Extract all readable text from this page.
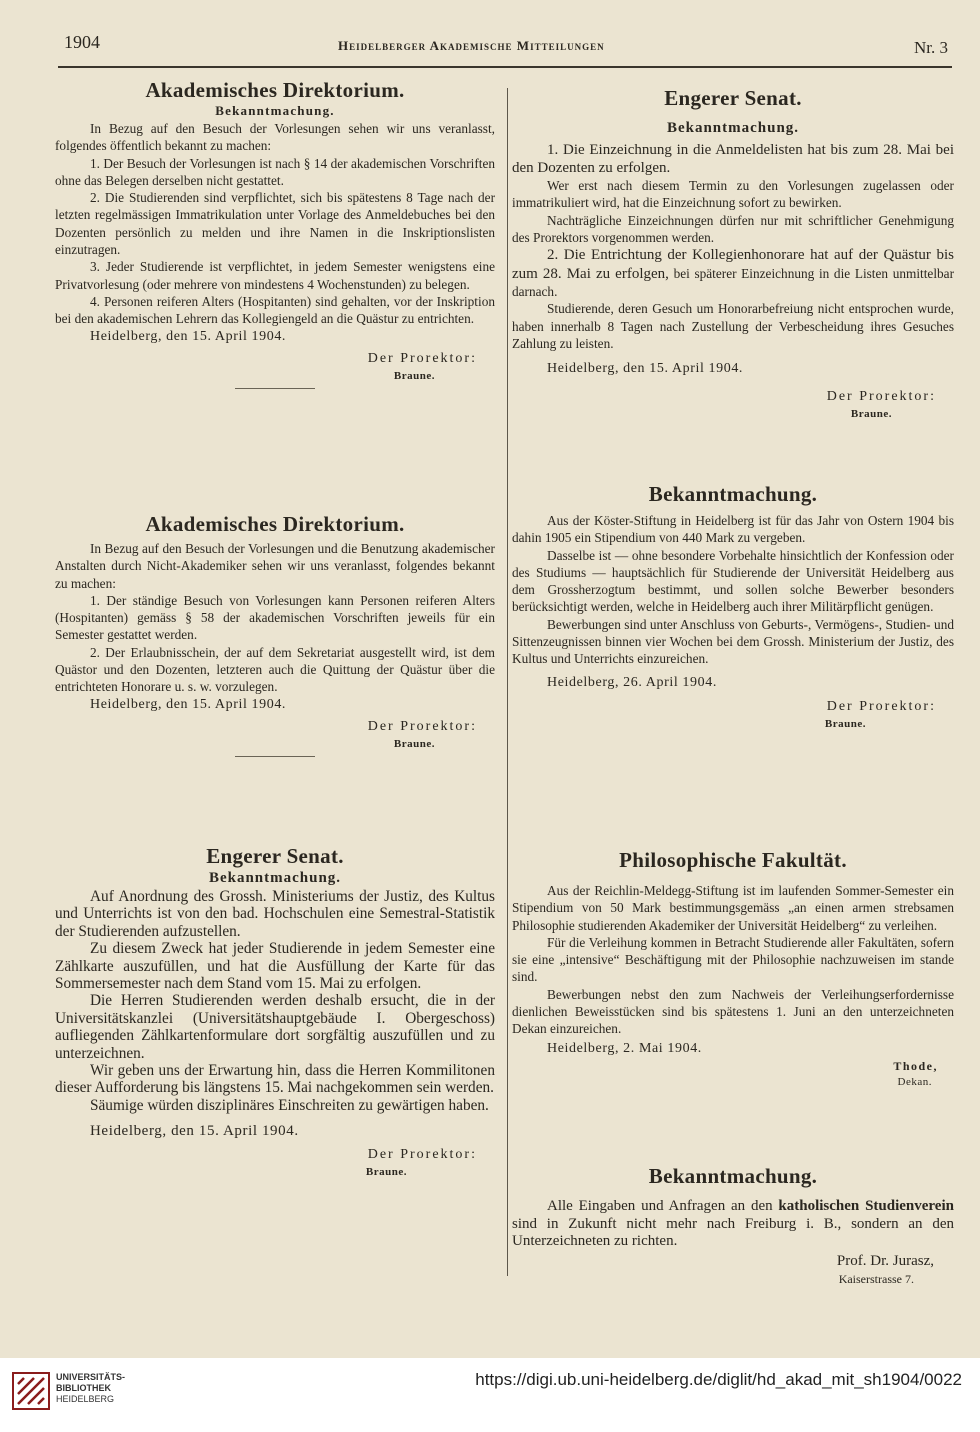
1904	Heidelberger Akademische Mitteilungen	Nr. 3
Akademisches Direktorium.
Bekanntmachung.

In Bezug auf den Besuch der Vorlesungen sehen wir uns veranlasst, folgendes öffentlich bekannt zu machen:

1. Der Besuch der Vorlesungen ist nach § 14 der akademischen Vorschriften ohne das Belegen derselben nicht gestattet.

2. Die Studierenden sind verpflichtet, sich bis spätestens 8 Tage nach der letzten regelmässigen Immatrikulation unter Vorlage des Anmeldebuches bei den Dozenten persönlich zu melden und ihre Namen in die Inskriptionslisten einzutragen.

3. Jeder Studierende ist verpflichtet, in jedem Semester wenigstens eine Privatvorlesung (oder mehrere von mindestens 4 Wochenstunden) zu belegen.

4. Personen reiferen Alters (Hospitanten) sind gehalten, vor der Inskription bei den akademischen Lehrern das Kollegiengeld an die Quästur zu entrichten.

Heidelberg, den 15. April 1904.

Der Prorektor:
Braune.
Akademisches Direktorium.

In Bezug auf den Besuch der Vorlesungen und die Benutzung akademischer Anstalten durch Nicht-Akademiker sehen wir uns veranlasst, folgendes bekannt zu machen:

1. Der ständige Besuch von Vorlesungen kann Personen reiferen Alters (Hospitanten) gemäss § 58 der akademischen Vorschriften jeweils für ein Semester gestattet werden.

2. Der Erlaubnisschein, der auf dem Sekretariat ausgestellt wird, ist dem Quästor und den Dozenten, letzteren auch die Quittung der Quästur über die entrichteten Honorare u. s. w. vorzulegen.

Heidelberg, den 15. April 1904.

Der Prorektor:
Braune.
Engerer Senat.
Bekanntmachung.

Auf Anordnung des Grossh. Ministeriums der Justiz, des Kultus und Unterrichts ist von den bad. Hochschulen eine Semestral-Statistik der Studierenden aufzustellen.

Zu diesem Zweck hat jeder Studierende in jedem Semester eine Zählkarte auszufüllen, und hat die Ausfüllung der Karte für das Sommersemester nach dem Stand vom 15. Mai zu erfolgen.

Die Herren Studierenden werden deshalb ersucht, die in der Universitätskanzlei (Universitätshauptgebäude I. Obergeschoss) aufliegenden Zählkartenformulare dort sorgfältig auszufüllen und zu unterzeichnen.

Wir geben uns der Erwartung hin, dass die Herren Kommilitonen dieser Aufforderung bis längstens 15. Mai nachgekommen sein werden.

Säumige würden disziplinäres Einschreiten zu gewärtigen haben.

Heidelberg, den 15. April 1904.

Der Prorektor:
Braune.
Engerer Senat.
Bekanntmachung.

1. Die Einzeichnung in die Anmeldelisten hat bis zum 28. Mai bei den Dozenten zu erfolgen.

Wer erst nach diesem Termin zu den Vorlesungen zugelassen oder immatrikuliert wird, hat die Einzeichnung sofort zu bewirken.

Nachträgliche Einzeichnungen dürfen nur mit schriftlicher Genehmigung des Prorektors vorgenommen werden.

2. Die Entrichtung der Kollegienhonorare hat auf der Quästur bis zum 28. Mai zu erfolgen, bei späterer Einzeichnung in die Listen unmittelbar darnach.

Studierende, deren Gesuch um Honorarbefreiung nicht entsprochen wurde, haben innerhalb 8 Tagen nach Zustellung der Verbescheidung ihres Gesuches Zahlung zu leisten.

Heidelberg, den 15. April 1904.

Der Prorektor:
Braune.
Bekanntmachung.

Aus der Köster-Stiftung in Heidelberg ist für das Jahr von Ostern 1904 bis dahin 1905 ein Stipendium von 440 Mark zu vergeben.

Dasselbe ist — ohne besondere Vorbehalte hinsichtlich der Konfession oder des Studiums — hauptsächlich für Studierende der Universität Heidelberg aus dem Grossherzogtum bestimmt, und sollen solche Bewerber besonders berücksichtigt werden, welche in Heidelberg auch ihrer Militärpflicht genügen.

Bewerbungen sind unter Anschluss von Geburts-, Vermögens-, Studien- und Sittenzeugnissen binnen vier Wochen bei dem Grossh. Ministerium der Justiz, des Kultus und Unterrichts einzureichen.

Heidelberg, 26. April 1904.

Der Prorektor:
Braune.
Philosophische Fakultät.

Aus der Reichlin-Meldegg-Stiftung ist im laufenden Sommer-Semester ein Stipendium von 50 Mark bestimmungsgemäss „an einen armen strebsamen Philosophie studierenden Akademiker der Universität Heidelberg“ zu verleihen.

Für die Verleihung kommen in Betracht Studierende aller Fakultäten, sofern sie eine „intensive“ Beschäftigung mit der Philosophie nachzuweisen im stande sind.

Bewerbungen nebst den zum Nachweis der Verleihungserfordernisse dienlichen Beweisstücken sind bis spätestens 1. Juni an den unterzeichneten Dekan einzureichen.

Heidelberg, 2. Mai 1904.

Thode,
Dekan.
Bekanntmachung.

Alle Eingaben und Anfragen an den katholischen Studienverein sind in Zukunft nicht mehr nach Freiburg i. B., sondern an den Unterzeichneten zu richten.

Prof. Dr. Jurasz,
Kaiserstrasse 7.
UNIVERSITÄTS-
BIBLIOTHEK
HEIDELBERG
https://digi.ub.uni-heidelberg.de/diglit/hd_akad_mit_sh1904/0022
